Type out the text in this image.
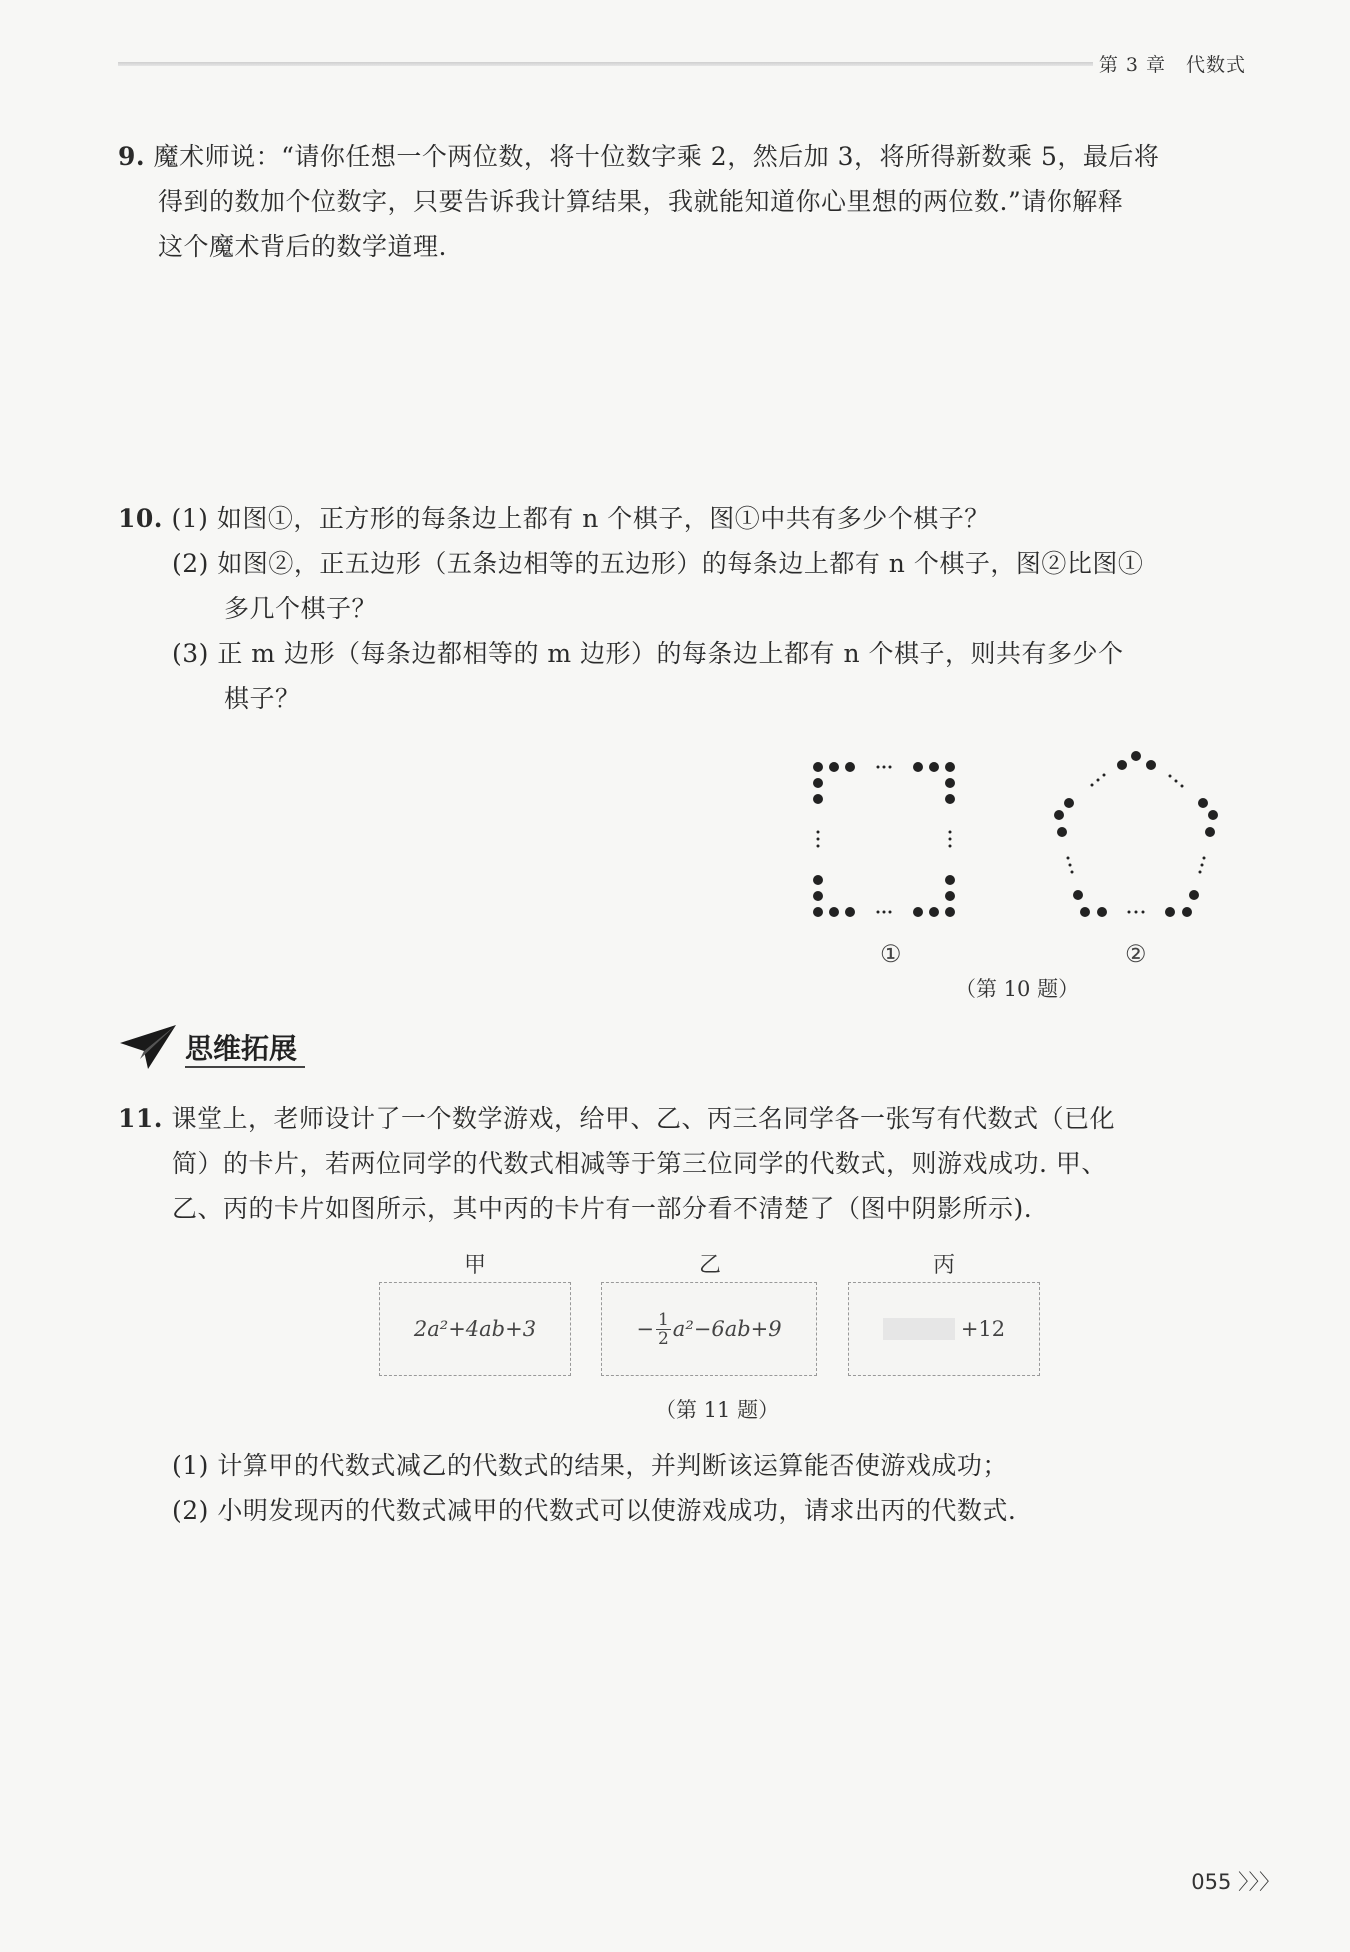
第 3 章　代数式
9. 魔术师说：“请你任想一个两位数，将十位数字乘 2，然后加 3，将所得新数乘 5，最后将
得到的数加个位数字，只要告诉我计算结果，我就能知道你心里想的两位数.”请你解释
这个魔术背后的数学道理.
10. (1) 如图①，正方形的每条边上都有 n 个棋子，图①中共有多少个棋子？
(2) 如图②，正五边形（五条边相等的五边形）的每条边上都有 n 个棋子，图②比图①
多几个棋子？
(3) 正 m 边形（每条边都相等的 m 边形）的每条边上都有 n 个棋子，则共有多少个
棋子？
①	②
（第 10 题）
思维拓展
11. 课堂上，老师设计了一个数学游戏，给甲、乙、丙三名同学各一张写有代数式（已化
简）的卡片，若两位同学的代数式相减等于第三位同学的代数式，则游戏成功. 甲、
乙、丙的卡片如图所示，其中丙的卡片有一部分看不清楚了（图中阴影所示).
甲	乙	丙
2a²+4ab+3	− $\frac{1}{2} a^2-6ab+9$	+12
（第 11 题）
(1) 计算甲的代数式减乙的代数式的结果，并判断该运算能否使游戏成功；
(2) 小明发现丙的代数式减甲的代数式可以使游戏成功，请求出丙的代数式.
055 〉〉〉
